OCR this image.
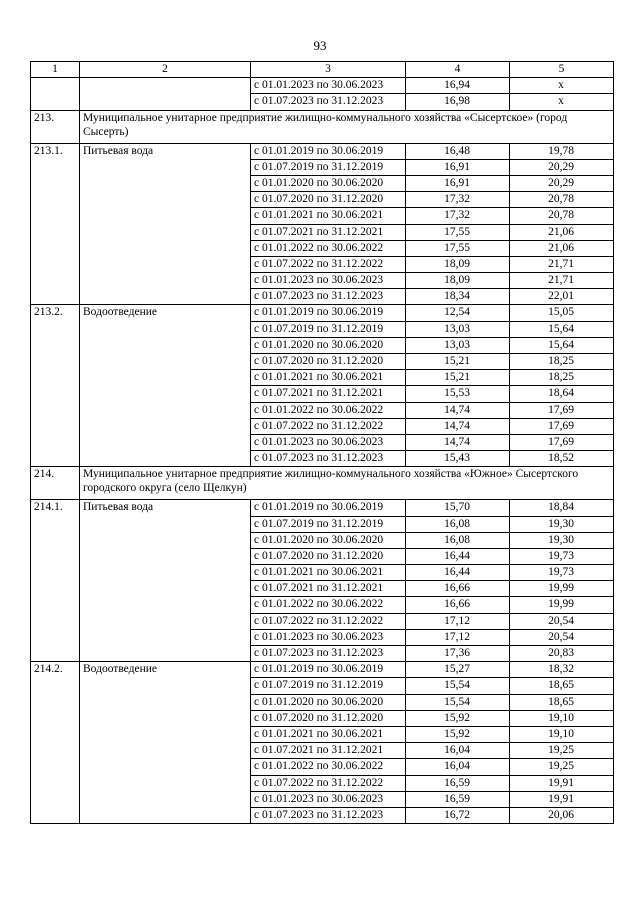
93
1	2	3	4	5
		с 01.01.2023 по 30.06.2023	16,94	х
		с 01.07.2023 по 31.12.2023	16,98	х
213.	Муниципальное унитарное предприятие жилищно-коммунального хозяйства «Сысертское» (город Сысерть)			
213.1.	Питьевая вода	с 01.01.2019 по 30.06.2019	16,48	19,78
		с 01.07.2019 по 31.12.2019	16,91	20,29
		с 01.01.2020 по 30.06.2020	16,91	20,29
		с 01.07.2020 по 31.12.2020	17,32	20,78
		с 01.01.2021 по 30.06.2021	17,32	20,78
		с 01.07.2021 по 31.12.2021	17,55	21,06
		с 01.01.2022 по 30.06.2022	17,55	21,06
		с 01.07.2022 по 31.12.2022	18,09	21,71
		с 01.01.2023 по 30.06.2023	18,09	21,71
		с 01.07.2023 по 31.12.2023	18,34	22,01
213.2.	Водоотведение	с 01.01.2019 по 30.06.2019	12,54	15,05
		с 01.07.2019 по 31.12.2019	13,03	15,64
		с 01.01.2020 по 30.06.2020	13,03	15,64
		с 01.07.2020 по 31.12.2020	15,21	18,25
		с 01.01.2021 по 30.06.2021	15,21	18,25
		с 01.07.2021 по 31.12.2021	15,53	18,64
		с 01.01.2022 по 30.06.2022	14,74	17,69
		с 01.07.2022 по 31.12.2022	14,74	17,69
		с 01.01.2023 по 30.06.2023	14,74	17,69
		с 01.07.2023 по 31.12.2023	15,43	18,52
214.	Муниципальное унитарное предприятие жилищно-коммунального хозяйства «Южное» Сысертского городского округа (село Щелкун)			
214.1.	Питьевая вода	с 01.01.2019 по 30.06.2019	15,70	18,84
		с 01.07.2019 по 31.12.2019	16,08	19,30
		с 01.01.2020 по 30.06.2020	16,08	19,30
		с 01.07.2020 по 31.12.2020	16,44	19,73
		с 01.01.2021 по 30.06.2021	16,44	19,73
		с 01.07.2021 по 31.12.2021	16,66	19,99
		с 01.01.2022 по 30.06.2022	16,66	19,99
		с 01.07.2022 по 31.12.2022	17,12	20,54
		с 01.01.2023 по 30.06.2023	17,12	20,54
		с 01.07.2023 по 31.12.2023	17,36	20,83
214.2.	Водоотведение	с 01.01.2019 по 30.06.2019	15,27	18,32
		с 01.07.2019 по 31.12.2019	15,54	18,65
		с 01.01.2020 по 30.06.2020	15,54	18,65
		с 01.07.2020 по 31.12.2020	15,92	19,10
		с 01.01.2021 по 30.06.2021	15,92	19,10
		с 01.07.2021 по 31.12.2021	16,04	19,25
		с 01.01.2022 по 30.06.2022	16,04	19,25
		с 01.07.2022 по 31.12.2022	16,59	19,91
		с 01.01.2023 по 30.06.2023	16,59	19,91
		с 01.07.2023 по 31.12.2023	16,72	20,06
